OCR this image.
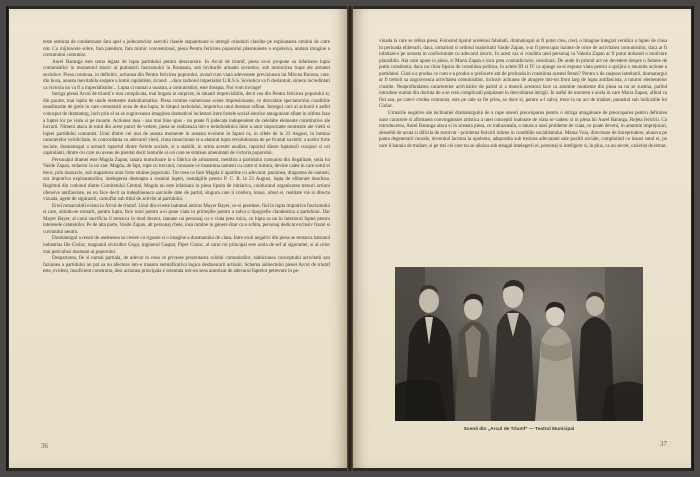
teste sentinta de condamnare fara apel a judecatoriior asevitii clasele stapanitoare si intregii orinduiri clasdite pe exploatarea omului de catre om. Cu mijloacele sobre, fara patetism, fara mimic conventional, piesa Pentru fericirea poporului plasmuieste o expresiva, unitara imagine a crezumului comunist.

Aurel Baranga este tema legata de lupta partidului pentru desavarsire. In Arcul de triumf, piesa ce-si propune sa infatiseze lupta comunistilor in momentul istoric al prabusirii fascismului in Romania, sub loviturile armatei sovietice, sub inmiscirea trupe ale armatei sovietice. Piesa continua, in definitiv, actiunea din Pentru fericirea poporului, avand cum viata adevereste previziunea lui Mircea Burnea, care, din boxa, anunta inevitabila surpare a lumii capitaliste, zicand: ...daca razboiul imperialist U.R.S.S. Sovietica va fi deslantuit, sintem incredintati ca victoria nu va fi a imperialistilor... Lupta ci numai a noastra, a comunistilor, este dreapta. Noi vom invinge!

Intriga piesei Arcul de triumf e mai complicata, mai bogata in surprize, in situatii imprevizibile, decit cea din Pentru fericirea poporului si, din pacate, mai ispita de unele elemente melodramatice. Piesa contine numeroase scene impresionante, ce dezvaluie spectatorului conditiile neasfmarite de grele in care comunistii avea de dus lupta, in timpul razboiului, impotriva unui dusman rafinat. Intregul curs al actiunii e astfel conceput de dramaturg, incit prin el sa se zugraveasca imaginea dramaticei inclestari intre fortele social-istorice antagoniste aflate in ultima faza a luptei lor pe viata si pe moarte. Actiunea insa - sau mai bine spus - nu poate fi judecata independent de celelalte elemente constitutive ale lucrarii. Nimeni ataca in totul din acest punct de vedere, piesa se realizeaza intr-o neindoielnica linie a unor importante momente ale vietii si luptei partidului comunist. Unul dintre cei mai de seama momente in aceasta evolutie in faptul ca, in zilele de la 23 August, in lumina caracterelor veridicitate, in concordanta cu adevarul vietii, clasa muncitoare si-a alaturat lupta revolutionara de pe frontul sovietic a acelor forte sociale, dramaturgul a urmarit raportul dintre fortele sociale, si a stabilit, in urma acestei analize, raportul dintre luptatorii curajosi si cei capitulanti, dintre cei care nu aveau de pierdut decit lanturile si cei care se simteau amenintati de victoria poporului.

Personajul dramei este Magda Zapan, tanara muncitoare la o fabrica de armament, membra a partidului comunist din ilegalitate, sotia lui Vasile Zapan, redactor la un ziar. Magda, de fapt, rupe cu trecutul, cunoaste ce inseamna oameni cu carte si tortura, devine calea in care sotul ei trece, prin marsavie, sub stapanirea unor forte straine poporului. Tot ceea ce face Magda ii apartine cu adevarat: pasiunea, dragostea de oameni, ura impotriva exploatatorilor, intelegerea desteapta a rostului luptei, nostalgiile pentru P. C. R. la 23 August, lupta de eliberare deschisa. Regimul din cotlonul dintre Comitetului Central, Magda nu este infatisata in piesa lipsita de initiativa, conducand organizarea trenuri actiuni ofensive antifasciste, ea nu face decit sa indeplineasca sarcinile date de partid, singura care ii confera, totusi, omul ei, realitate vie si directa vizuala, agent de sigurantii, camuflat sub titlul de activist al partidului.

Eroii remarcabili exista in Arcul de triumf. Unul din ei este batranul anticar Mayer Bayer, ce-si pierduse, fiul in lupta impotriva fascismului si care, stiindu-se urmarit, pentru lupta, face totul pentru a-si pune viata in primejdie pentru a salva o tipografie clandestina a partidului. Dar Mayer Bayer, al carui sacrificiu il remarca in mod decent, ramane un personaj cu o viata prea mica, cu lupta sa nu in interiorul luptei pentru interesele cetatenilor. Pe de alta parte, Vasile Zapan, alt personaj cheie, insa ramine in genere doar ca o schita, personaj dedicat exclusiv frazei si cuvintului neutru.

Dramaturgul a reusit de asemenea sa creeze cu rigoare si o imagine a dusmanului de clasa. Intre eroii negativi din piesa se remarca batranul industrias Ilie Ciolac, magnatul sivicultor Gogu, inginerul Gaspar, Piper Ciolac, al carui rol principal este acela de sef al sigurantei, si al celor mai periculosi dusmani ai poporului.

Despartarea, fie si numai partiala, de adevar in ceea ce priveste prezentarea rolului comunistilor, slabiciunea conceptului activitatii sau fuziunea a partidului nu pot sa nu afecteze intr-o masura semnificativa logica desfasurarii actiunii. Schema subiectului piesei Arcul de triumf este, evident, insuficient construita, desi actiunea principala e orientata intr-un sens autorizat de adevarul faptelor petrecute in pe-

36

vioada la care se refera piesa. Folosind tiparul aceleiasi fabulatii, dramaturgul ar fi putut crea, cred, o imagine integral veridica a luptei de clasa in perioada eliberarii, daca, urmarind si ordinul majoritatii Vasile Zapan, s-ar fi preocupat inainte de orice de activitatea comunistilor, daca ar fi infatisat-o pe aceasta in conformitate cu adevarul istoric. In acest caz si conditia unei personaj ca Valeria Zapan ar fi putut dobandi o motivare plauzibila. Aia cum apare in piesa, si Maria Zapan e inca prea contradictorie, neunitara. De unde in primul act ne devedere despre o femeie de putin constienta, daca nu chiar lipsita de constiinta politica, in actele III si IV ca ajunge sa-si expuna viata pentru a sprijini o anumita actiune a partidului. Cind s-a produs ce cum s-a produs o prefacere atit de profunda in constiinta acestei femei? Pentru a da raspuns intrebarii, dramaturgul ar fi trebuit sa zugraveasca activitatea comunistilor, inclusiv actiunea de atragere intr-un front larg de lupta antifascista, a tuturor elementelor cinstite. Neaprofundarea caracterelor activistilor de partid si a muncii acestora face ca anumite momente din piesa sa nu se sustina, parind introduse numai din dorinta de a se crea complicatii palpitante in dezvoltarea intrigii. In astfel de moment e acela in care Maria Zapan, aflind ca fiul sau, pe care-l credea comunist, este pe cale sa fie prins, se duce si, pentru a-l salva, trece la un act de tradare, parasind sub indicatiile lui Ciolac.

Urmarile negative ale inclinatiei dramaturgului de a rupe uneori preocuparea pentru o intriga atragatoare de preocuparea pentru definirea unor caractere si afirmarea convingatoare artistica a unei conceptii inaintate de viata se vadesc si in piesa lui Aurel Baranga, Rejeta fericirii. Ca introducerea, Aurel Baranga ataca si in aceasta piesa, cu indrazneala, o latura a unei probleme de viata, ce poate deveni, in anumite imprejurari, deosebit de acuta si dificila de rezolvat - problema fericirii intime in conditiile socialismului. Mama Vuia, directoare de intreprindere, aluneca pe panta degenerarii morale, devenind lacoma la opulenta, adapostita sub trezirea adevaratei sale pozitii sociale, complotind cu insusi sotul ei, pe care il banuia de tradare, si pe toti cei care nu se aliniau sub steagul intelegerii ei, personaj si inteligent si, in plus, ca un secret, carierist de temut.

Scenă din „Arcul de Triumf” — Teatrul Municipal
37
